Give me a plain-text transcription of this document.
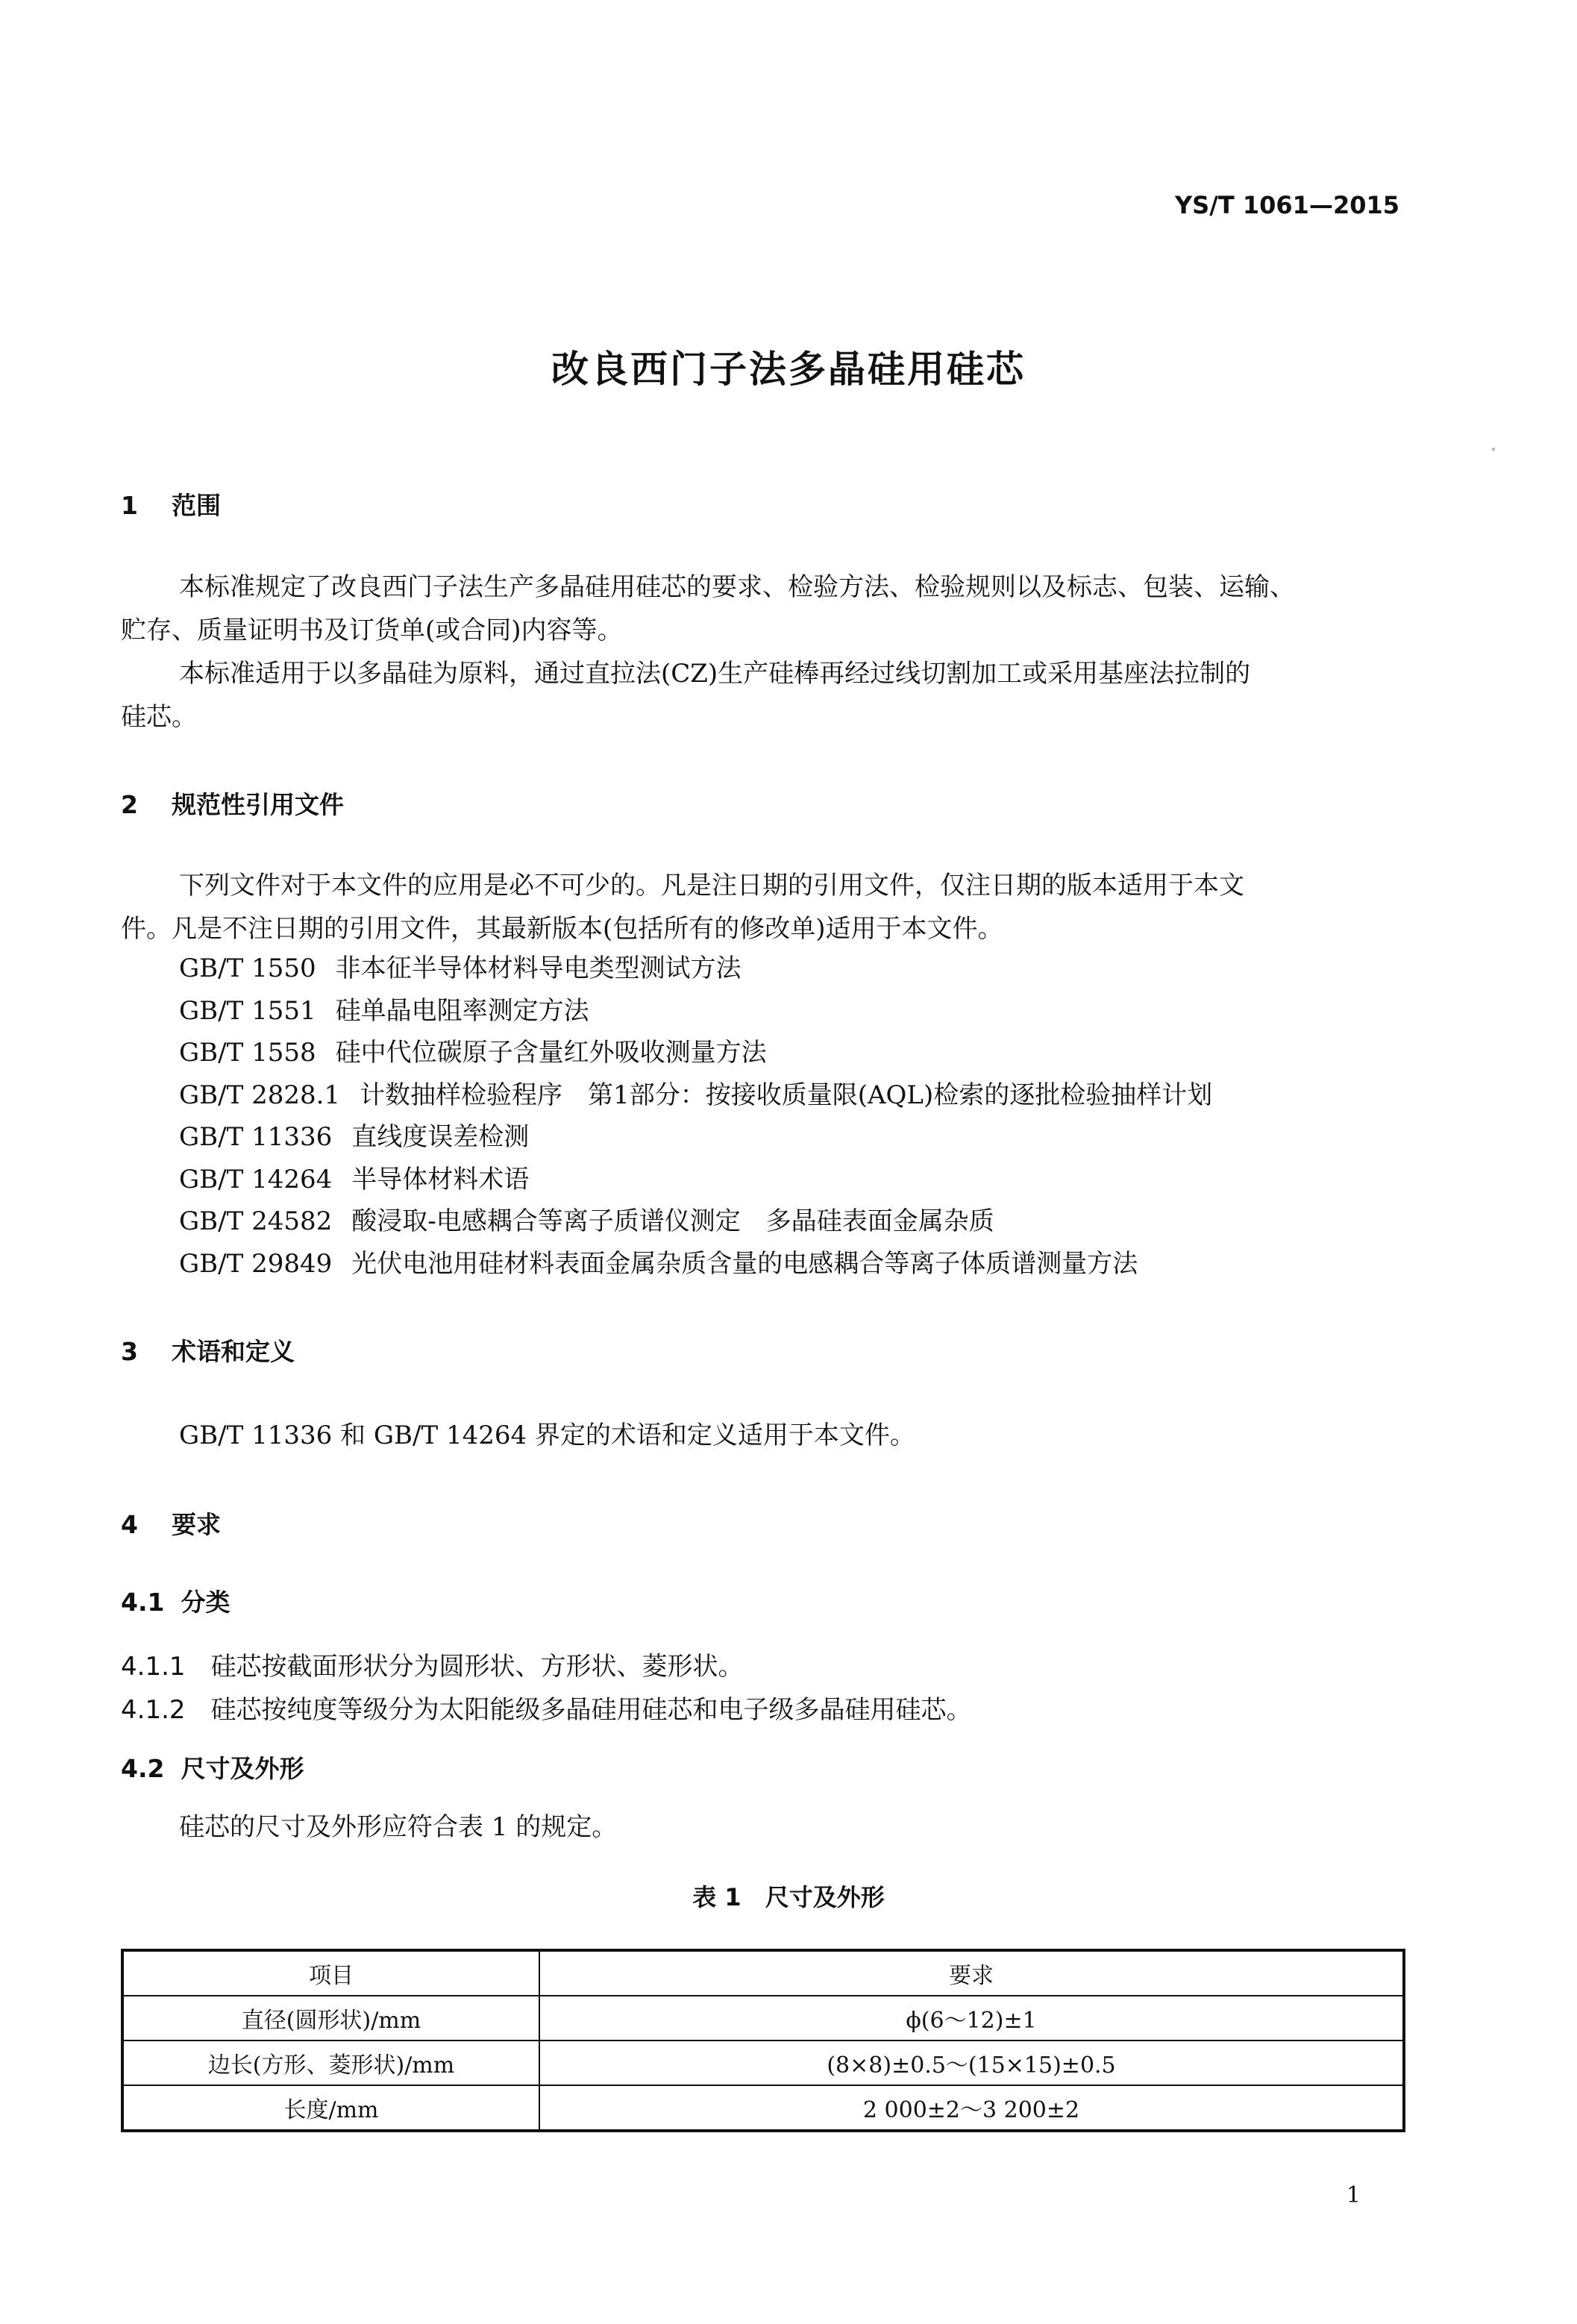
YS/T 1061—2015
改良西门子法多晶硅用硅芯
1 范围
本标准规定了改良西门子法生产多晶硅用硅芯的要求、检验方法、检验规则以及标志、包装、运输、
贮存、质量证明书及订货单(或合同)内容等。
本标准适用于以多晶硅为原料，通过直拉法(CZ)生产硅棒再经过线切割加工或采用基座法拉制的
硅芯。
2 规范性引用文件
下列文件对于本文件的应用是必不可少的。凡是注日期的引用文件，仅注日期的版本适用于本文
件。凡是不注日期的引用文件，其最新版本(包括所有的修改单)适用于本文件。
GB/T 1550 非本征半导体材料导电类型测试方法
GB/T 1551 硅单晶电阻率测定方法
GB/T 1558 硅中代位碳原子含量红外吸收测量方法
GB/T 2828.1 计数抽样检验程序　第1部分：按接收质量限(AQL)检索的逐批检验抽样计划
GB/T 11336 直线度误差检测
GB/T 14264 半导体材料术语
GB/T 24582 酸浸取-电感耦合等离子质谱仪测定　多晶硅表面金属杂质
GB/T 29849 光伏电池用硅材料表面金属杂质含量的电感耦合等离子体质谱测量方法
3 术语和定义
GB/T 11336 和 GB/T 14264 界定的术语和定义适用于本文件。
4 要求
4.1 分类
4.1.1 硅芯按截面形状分为圆形状、方形状、菱形状。
4.1.2 硅芯按纯度等级分为太阳能级多晶硅用硅芯和电子级多晶硅用硅芯。
4.2 尺寸及外形
硅芯的尺寸及外形应符合表 1 的规定。
表 1　 尺寸及外形
项目	要求
直径(圆形状)/mm	ϕ(6～12)±1
边长(方形、菱形状)/mm	(8×8)±0.5～(15×15)±0.5
长度/mm	2 000±2～3 200±2
1
